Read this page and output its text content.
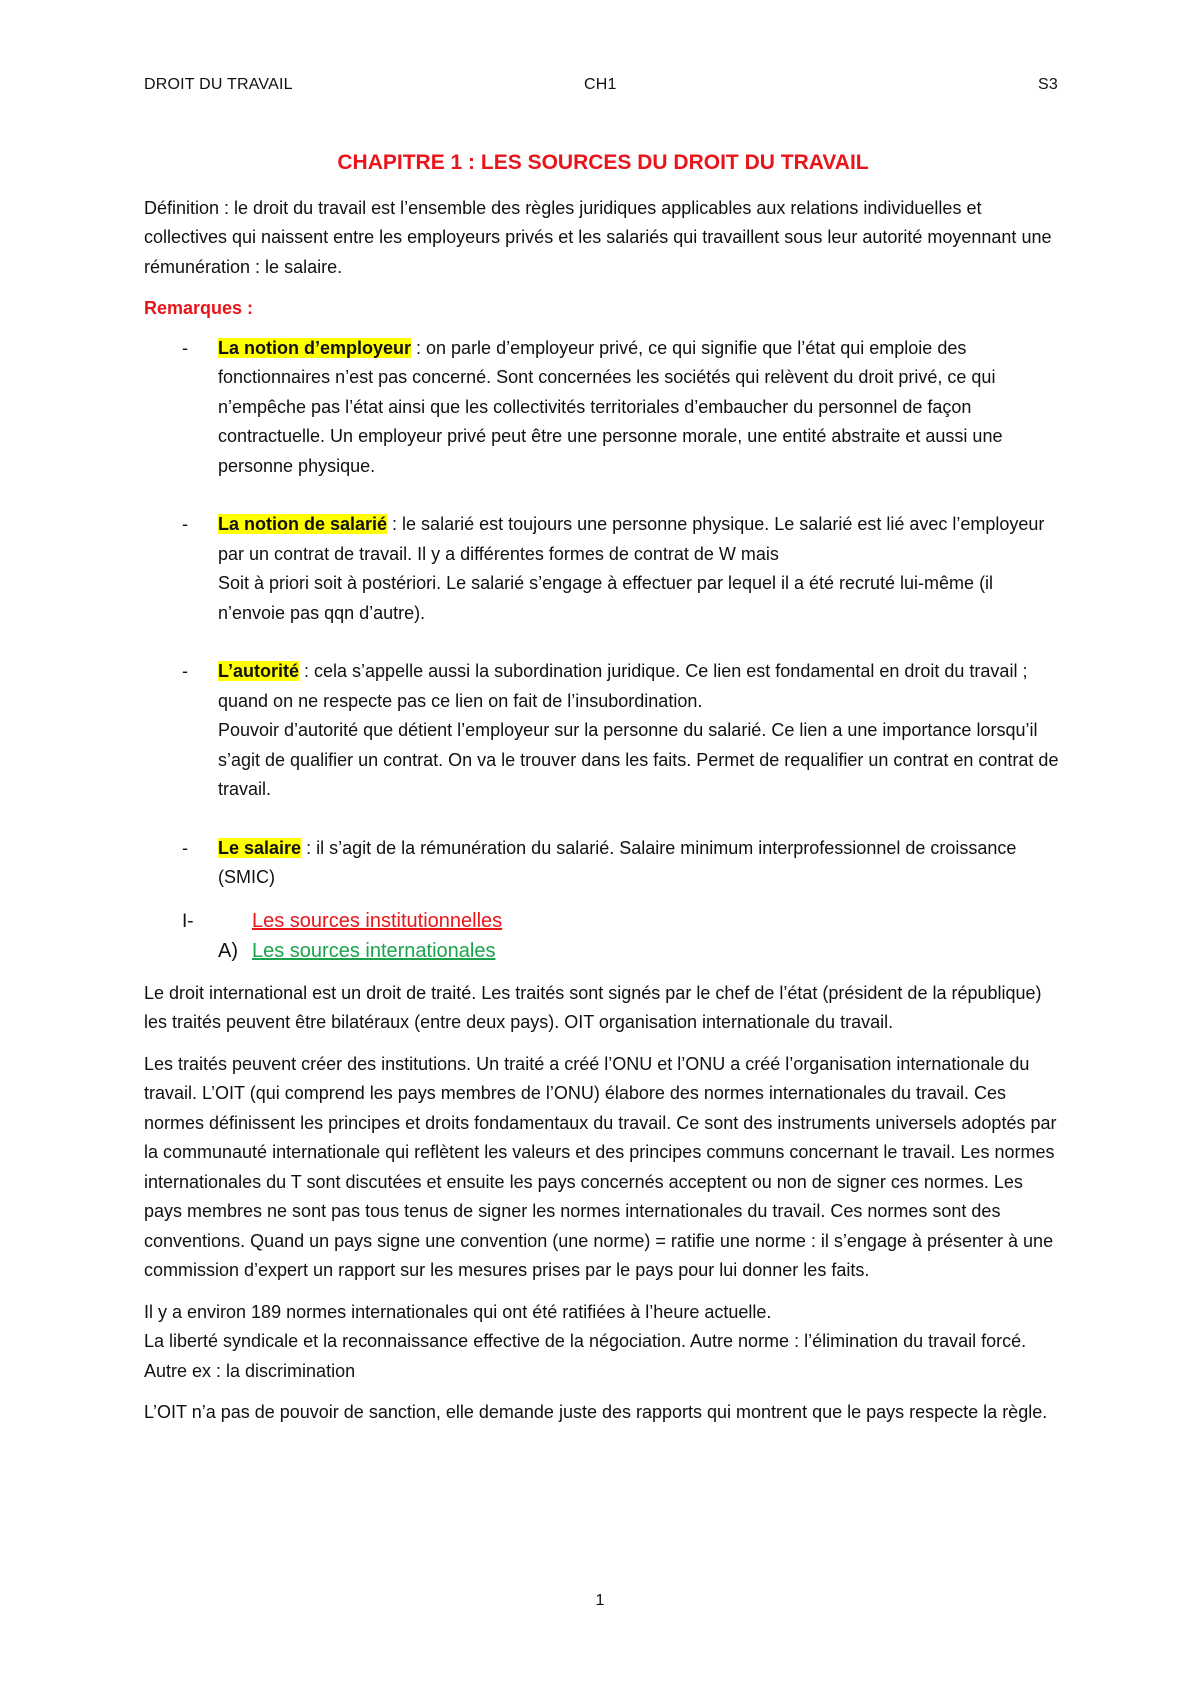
DROIT DU TRAVAIL	CH1	S3
CHAPITRE 1 : LES SOURCES DU DROIT DU TRAVAIL

Définition : le droit du travail est l’ensemble des règles juridiques applicables aux relations individuelles et collectives qui naissent entre les employeurs privés et les salariés qui travaillent sous leur autorité moyennant une rémunération : le salaire.

Remarques :
- La notion d’employeur : on parle d’employeur privé, ce qui signifie que l’état qui emploie des fonctionnaires n’est pas concerné. Sont concernées les sociétés qui relèvent du droit privé, ce qui n’empêche pas l’état ainsi que les collectivités territoriales d’embaucher du personnel de façon contractuelle. Un employeur privé peut être une personne morale, une entité abstraite et aussi une personne physique.
- La notion de salarié : le salarié est toujours une personne physique. Le salarié est lié avec l’employeur par un contrat de travail. Il y a différentes formes de contrat de W mais
Soit à priori soit à postériori. Le salarié s’engage à effectuer par lequel il a été recruté lui-même (il n’envoie pas qqn d’autre).
- L’autorité : cela s’appelle aussi la subordination juridique. Ce lien est fondamental en droit du travail ; quand on ne respecte pas ce lien on fait de l’insubordination.
Pouvoir d’autorité que détient l’employeur sur la personne du salarié. Ce lien a une importance lorsqu’il s’agit de qualifier un contrat. On va le trouver dans les faits. Permet de requalifier un contrat en contrat de travail.
- Le salaire : il s’agit de la rémunération du salarié. Salaire minimum interprofessionnel de croissance (SMIC)
I-	Les sources institutionnelles
A) Les sources internationales

Le droit international est un droit de traité. Les traités sont signés par le chef de l’état (président de la république) les traités peuvent être bilatéraux (entre deux pays). OIT organisation internationale du travail.

Les traités peuvent créer des institutions. Un traité a créé l’ONU et l’ONU a créé l’organisation internationale du travail. L’OIT (qui comprend les pays membres de l’ONU) élabore des normes internationales du travail. Ces normes définissent les principes et droits fondamentaux du travail. Ce sont des instruments universels adoptés par la communauté internationale qui reflètent les valeurs et des principes communs concernant le travail. Les normes internationales du T sont discutées et ensuite les pays concernés acceptent ou non de signer ces normes. Les pays membres ne sont pas tous tenus de signer les normes internationales du travail. Ces normes sont des conventions. Quand un pays signe une convention (une norme) = ratifie une norme : il s’engage à présenter à une commission d’expert un rapport sur les mesures prises par le pays pour lui donner les faits.

Il y a environ 189 normes internationales qui ont été ratifiées à l’heure actuelle.
La liberté syndicale et la reconnaissance effective de la négociation. Autre norme : l’élimination du travail forcé. Autre ex : la discrimination

L’OIT n’a pas de pouvoir de sanction, elle demande juste des rapports qui montrent que le pays respecte la règle.

1
